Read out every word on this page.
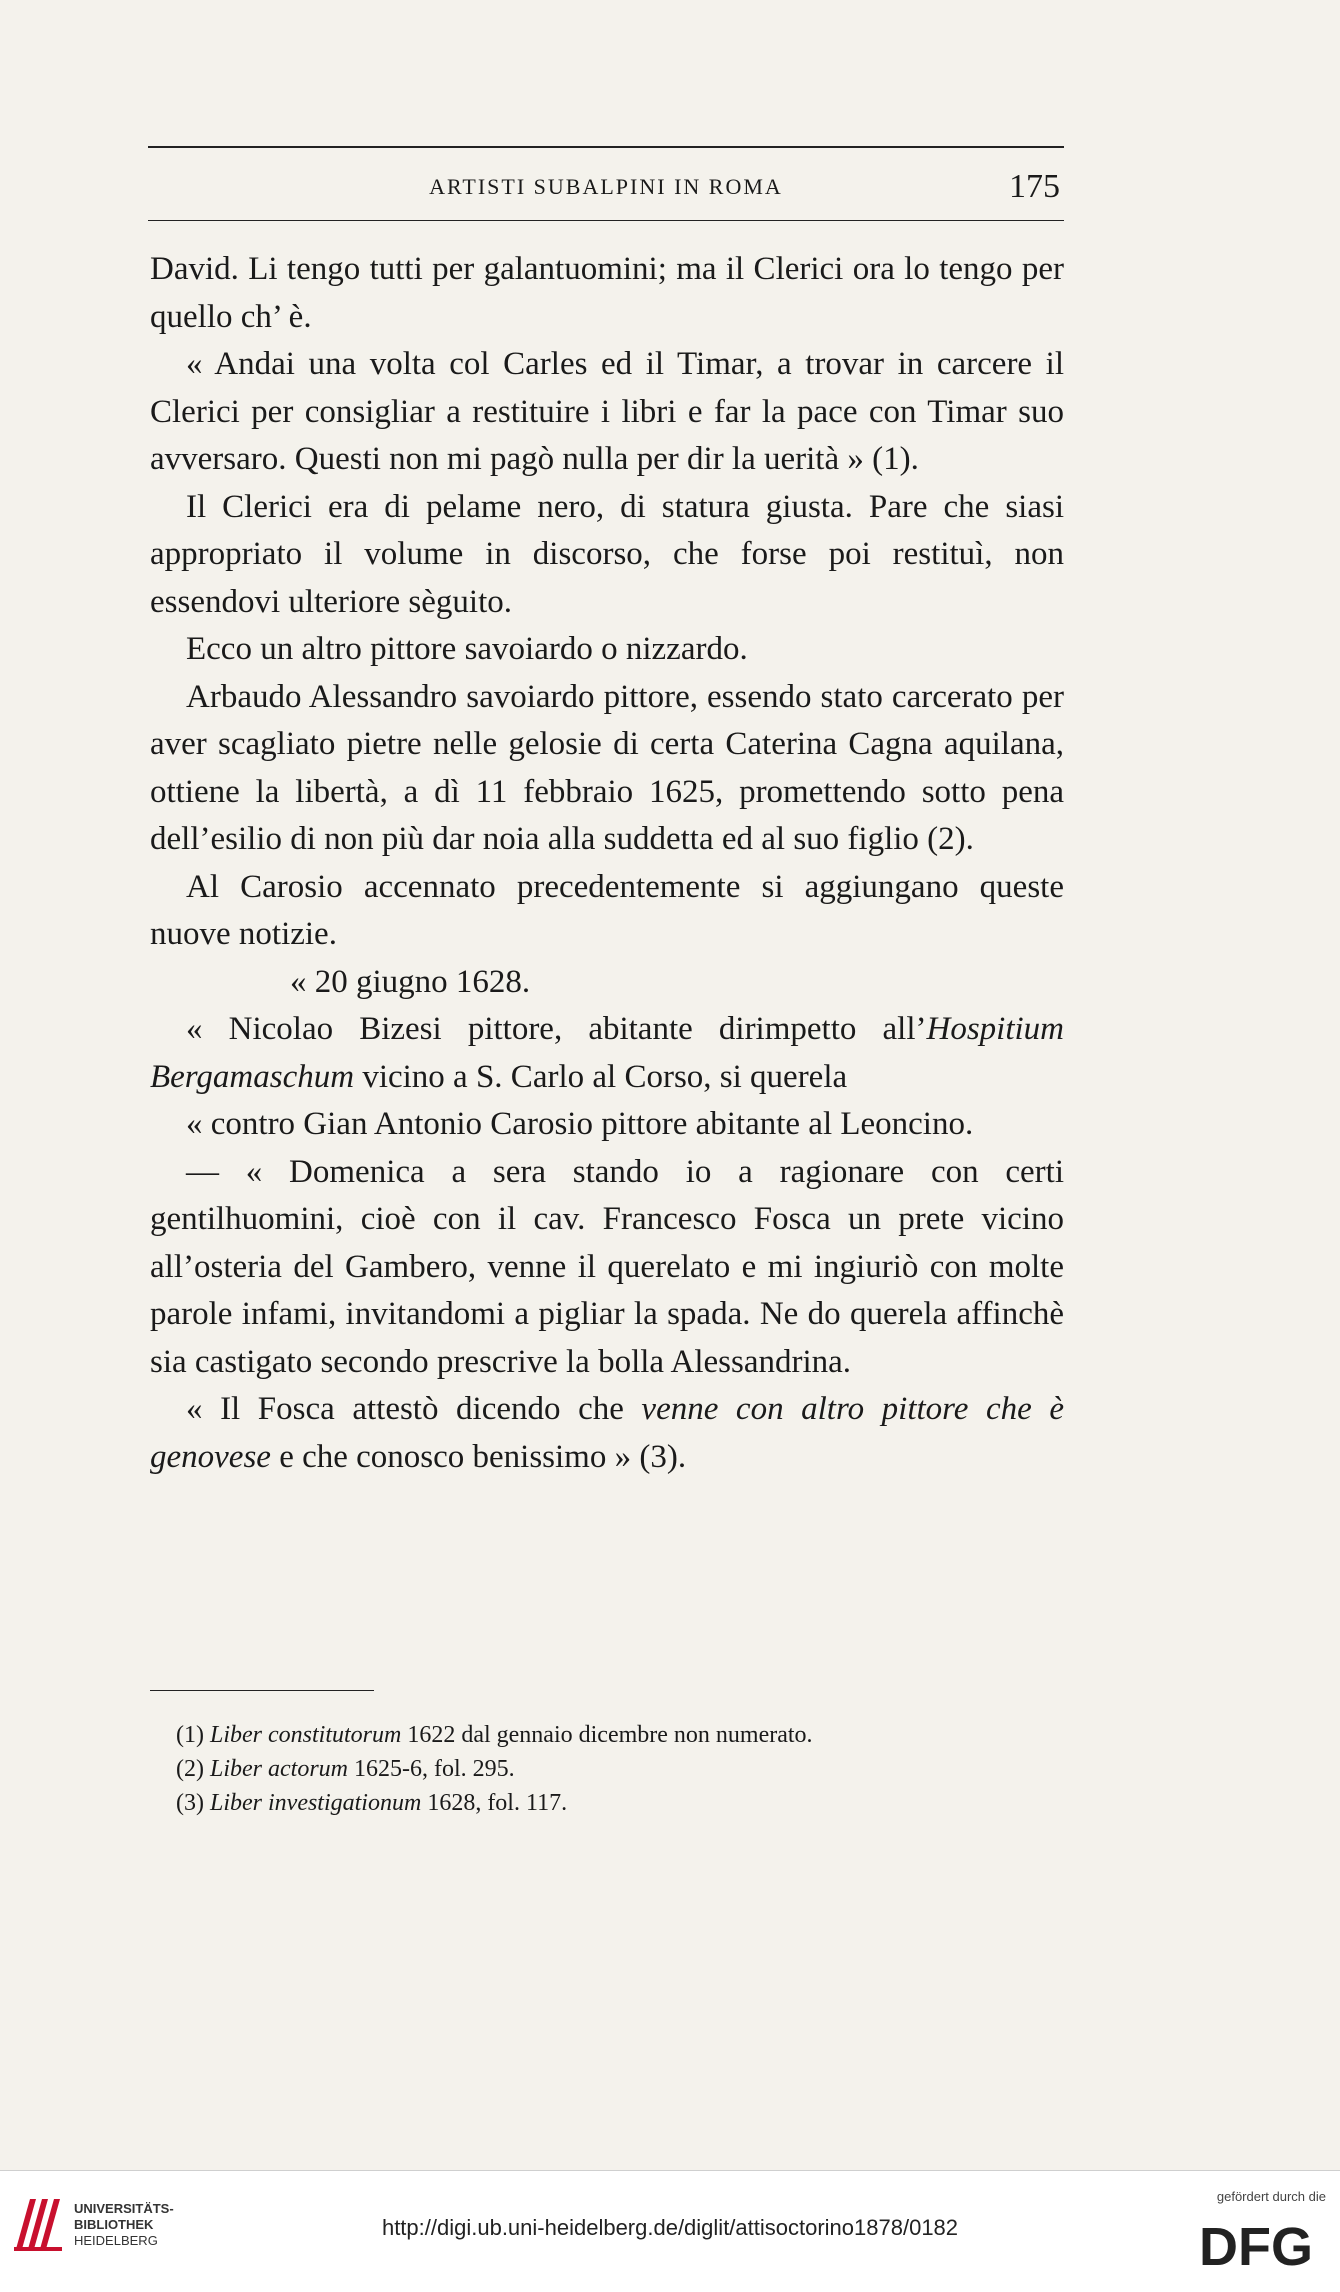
ARTISTI SUBALPINI IN ROMA	175

David. Li tengo tutti per galantuomini; ma il Clerici ora lo tengo per quello ch’ è.

« Andai una volta col Carles ed il Timar, a trovar in carcere il Clerici per consigliar a restituire i libri e far la pace con Timar suo avversaro. Questi non mi pagò nulla per dir la uerità » (1).

Il Clerici era di pelame nero, di statura giusta. Pare che siasi appropriato il volume in discorso, che forse poi restituì, non essendovi ulteriore sèguito.

Ecco un altro pittore savoiardo o nizzardo.

Arbaudo Alessandro savoiardo pittore, essendo stato carcerato per aver scagliato pietre nelle gelosie di certa Caterina Cagna aquilana, ottiene la libertà, a dì 11 febbraio 1625, promettendo sotto pena dell’esilio di non più dar noia alla suddetta ed al suo figlio (2).

Al Carosio accennato precedentemente si aggiungano queste nuove notizie.

« 20 giugno 1628.

« Nicolao Bizesi pittore, abitante dirimpetto all’Hospitium Bergamaschum vicino a S. Carlo al Corso, si querela

« contro Gian Antonio Carosio pittore abitante al Leoncino.

— « Domenica a sera stando io a ragionare con certi gentilhuomini, cioè con il cav. Francesco Fosca un prete vicino all’osteria del Gambero, venne il querelato e mi ingiuriò con molte parole infami, invitandomi a pigliar la spada. Ne do querela affinchè sia castigato secondo prescrive la bolla Alessandrina.

« Il Fosca attestò dicendo che venne con altro pittore che è genovese e che conosco benissimo » (3).

(1) Liber constitutorum 1622 dal gennaio dicembre non numerato.
(2) Liber actorum 1625-6, fol. 295.
(3) Liber investigationum 1628, fol. 117.
UNIVERSITÄTS-
BIBLIOTHEK
HEIDELBERG
http://digi.ub.uni-heidelberg.de/diglit/attisoctorino1878/0182
gefördert durch die
DFG
